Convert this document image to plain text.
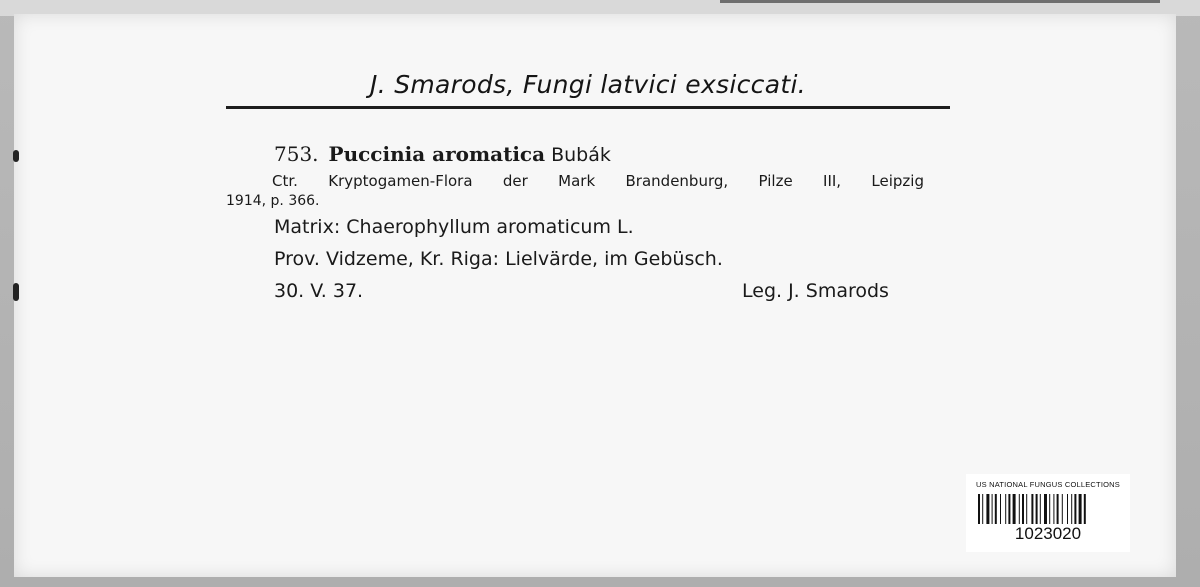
J. Smarods, Fungi latvici exsiccati.
753. Puccinia aromatica Bubák
Ctr. Kryptogamen-Flora der Mark Brandenburg, Pilze III, Leipzig
1914, p. 366.
Matrix: Chaerophyllum aromaticum L.
Prov. Vidzeme, Kr. Riga: Lielvärde, im Gebüsch.
30. V. 37.	Leg. J. Smarods
US NATIONAL FUNGUS COLLECTIONS
1023020
